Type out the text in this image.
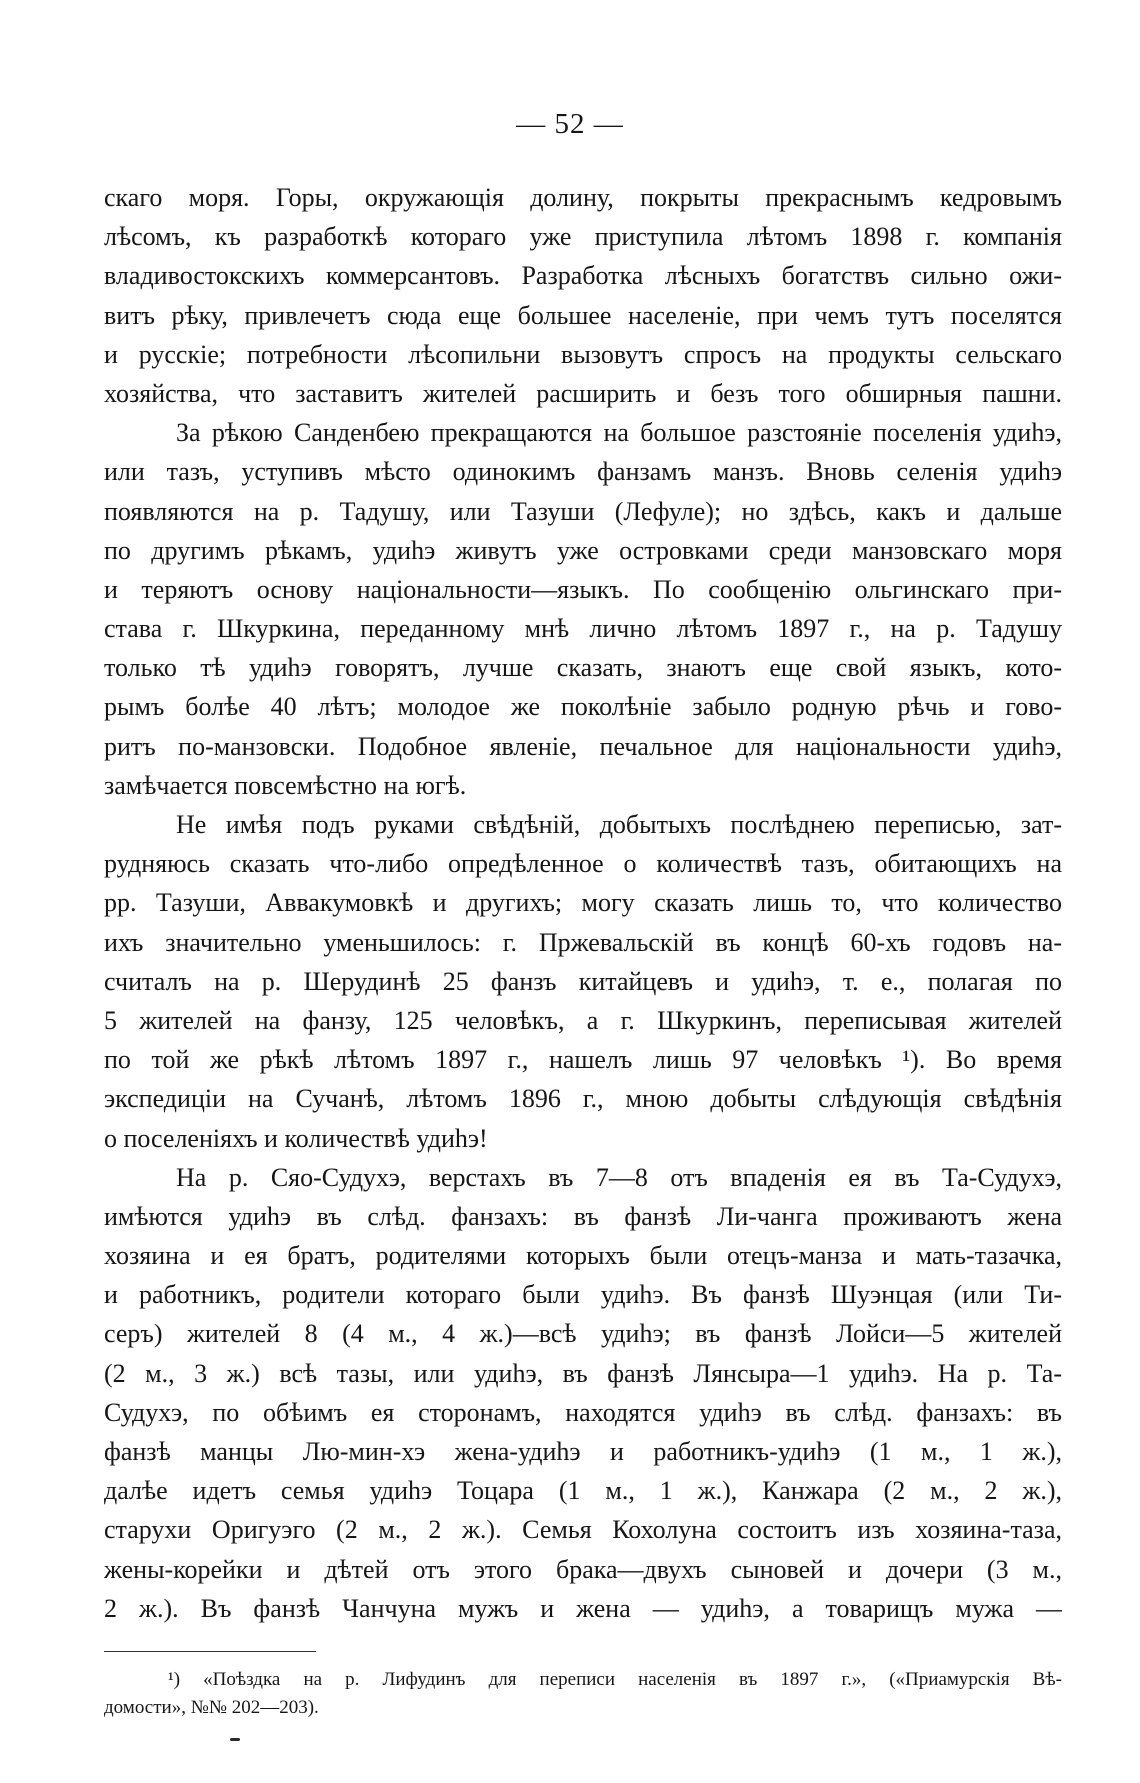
— 52 —

скаго моря. Горы, окружающія долину, покрыты прекраснымъ кедровымъ

лѣсомъ, къ разработкѣ котораго уже приступила лѣтомъ 1898 г. компанія

владивостокскихъ коммерсантовъ. Разработка лѣсныхъ богатствъ сильно ожи-

витъ рѣку, привлечетъ сюда еще большее населеніе, при чемъ тутъ поселятся

и русскіе; потребности лѣсопильни вызовутъ спросъ на продукты сельскаго

хозяйства, что заставитъ жителей расширить и безъ того обширныя пашни.

За рѣкою Санденбею прекращаются на большое разстояніе поселенія удиһэ,

или тазъ, уступивъ мѣсто одинокимъ фанзамъ манзъ. Вновь селенія удиһэ

появляются на р. Тадушу, или Тазуши (Лефуле); но здѣсь, какъ и дальше

по другимъ рѣкамъ, удиһэ живутъ уже островками среди манзовскаго моря

и теряютъ основу національности—языкъ. По сообщенію ольгинскаго при-

става г. Шкуркина, переданному мнѣ лично лѣтомъ 1897 г., на р. Тадушу

только тѣ удиһэ говорятъ, лучше сказать, знаютъ еще свой языкъ, кото-

рымъ болѣе 40 лѣтъ; молодое же поколѣніе забыло родную рѣчь и гово-

ритъ по-манзовски. Подобное явленіе, печальное для національности удиһэ,

замѣчается повсемѣстно на югѣ.

Не имѣя подъ руками свѣдѣній, добытыхъ послѣднею переписью, зат-

рудняюсь сказать что-либо опредѣленное о количествѣ тазъ, обитающихъ на

рр. Тазуши, Аввакумовкѣ и другихъ; могу сказать лишь то, что количество

ихъ значительно уменьшилось: г. Пржевальскій въ концѣ 60-хъ годовъ на-

считалъ на р. Шерудинѣ 25 фанзъ китайцевъ и удиһэ, т. е., полагая по

5 жителей на фанзу, 125 человѣкъ, а г. Шкуркинъ, переписывая жителей

по той же рѣкѣ лѣтомъ 1897 г., нашелъ лишь 97 человѣкъ ¹). Во время

экспедиціи на Сучанѣ, лѣтомъ 1896 г., мною добыты слѣдующія свѣдѣнія

о поселеніяхъ и количествѣ удиһэ!

На р. Сяо-Судухэ, верстахъ въ 7—8 отъ впаденія ея въ Та-Судухэ,

имѣются удиһэ въ слѣд. фанзахъ: въ фанзѣ Ли-чанга проживаютъ жена

хозяина и ея братъ, родителями которыхъ были отецъ-манза и мать-тазачка,

и работникъ, родители котораго были удиһэ. Въ фанзѣ Шуэнцая (или Ти-

серъ) жителей 8 (4 м., 4 ж.)—всѣ удиһэ; въ фанзѣ Лойси—5 жителей

(2 м., 3 ж.) всѣ тазы, или удиһэ, въ фанзѣ Лянсыра—1 удиһэ. На р. Та-

Судухэ, по обѣимъ ея сторонамъ, находятся удиһэ въ слѣд. фанзахъ: въ

фанзѣ манцы Лю-мин-хэ жена-удиһэ и работникъ-удиһэ (1 м., 1 ж.),

далѣе идетъ семья удиһэ Тоцара (1 м., 1 ж.), Канжара (2 м., 2 ж.),

старухи Оригуэго (2 м., 2 ж.). Семья Кохолуна состоитъ изъ хозяина-таза,

жены-корейки и дѣтей отъ этого брака—двухъ сыновей и дочери (3 м.,

2 ж.). Въ фанзѣ Чанчуна мужъ и жена — удиһэ, а товарищъ мужа —

¹) «Поѣздка на р. Лифудинъ для переписи населенія въ 1897 г.», («Приамурскія Вѣ-

домости», №№ 202—203).
